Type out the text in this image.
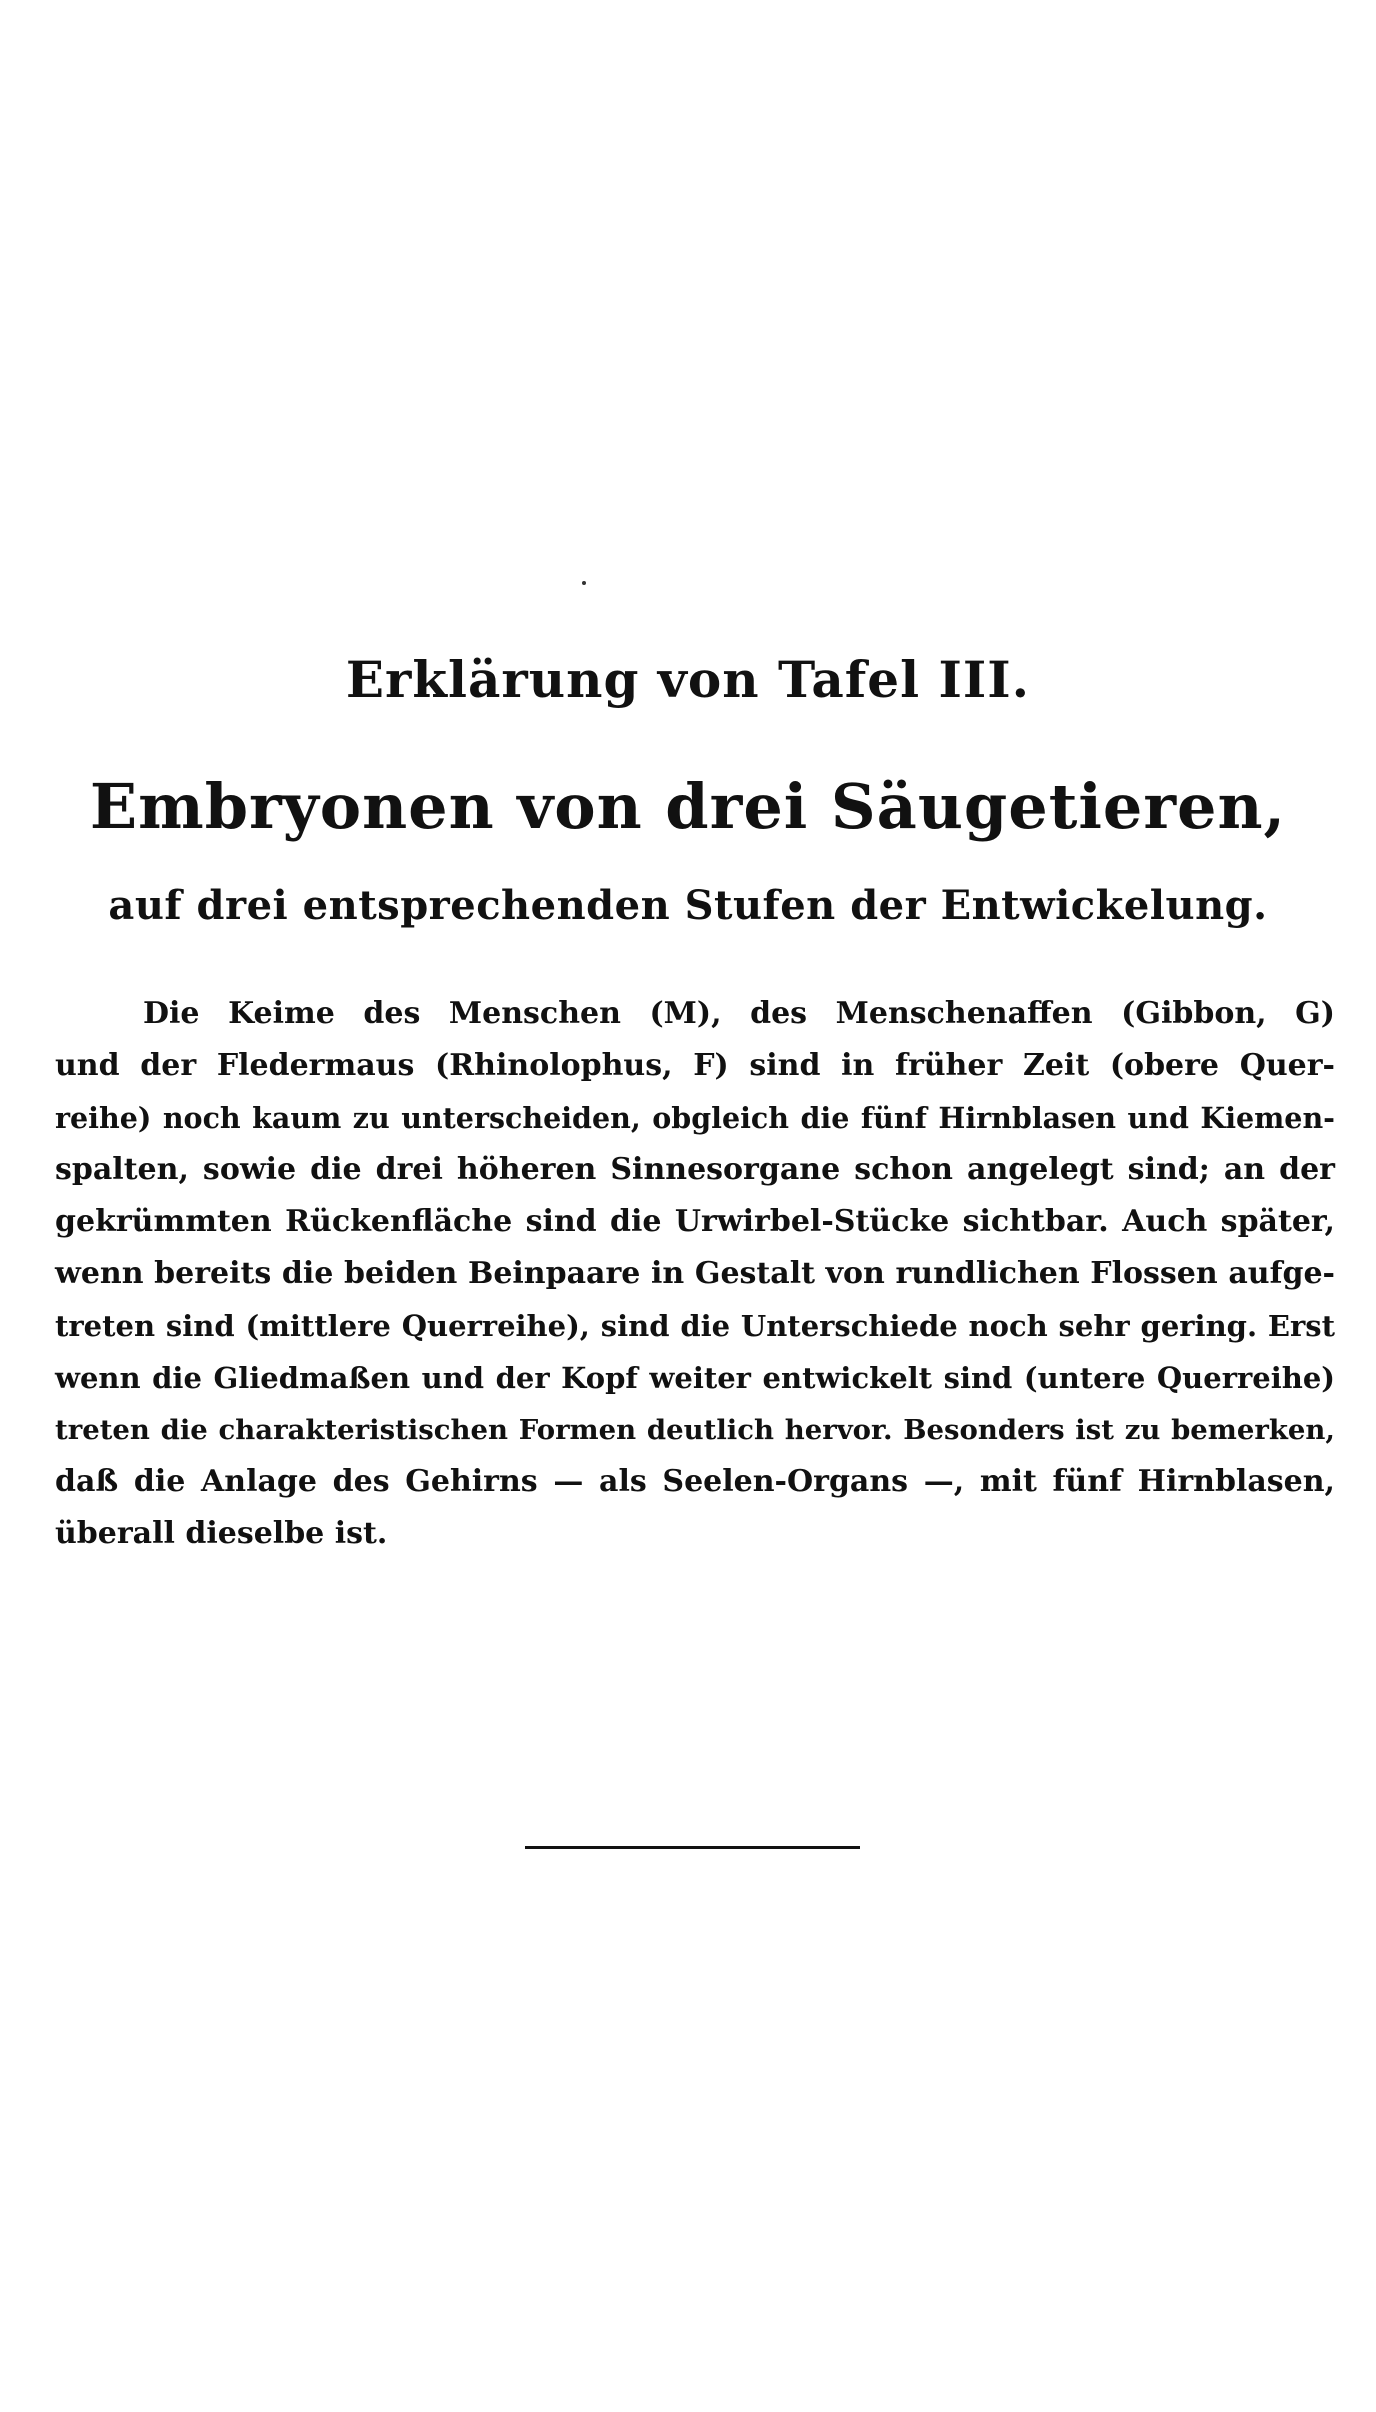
Erklärung von Tafel III.
Embryonen von drei Säugetieren,
auf drei entsprechenden Stufen der Entwickelung.
Die Keime des Menschen (M), des Menschenaffen (Gibbon, G)
und der Fledermaus (Rhinolophus, F) sind in früher Zeit (obere Quer-
reihe) noch kaum zu unterscheiden, obgleich die fünf Hirnblasen und Kiemen-
spalten, sowie die drei höheren Sinnesorgane schon angelegt sind; an der
gekrümmten Rückenfläche sind die Urwirbel-Stücke sichtbar. Auch später,
wenn bereits die beiden Beinpaare in Gestalt von rundlichen Flossen aufge-
treten sind (mittlere Querreihe), sind die Unterschiede noch sehr gering. Erst
wenn die Gliedmaßen und der Kopf weiter entwickelt sind (untere Querreihe)
treten die charakteristischen Formen deutlich hervor. Besonders ist zu bemerken,
daß die Anlage des Gehirns — als Seelen-Organs —, mit fünf Hirnblasen,
überall dieselbe ist.
